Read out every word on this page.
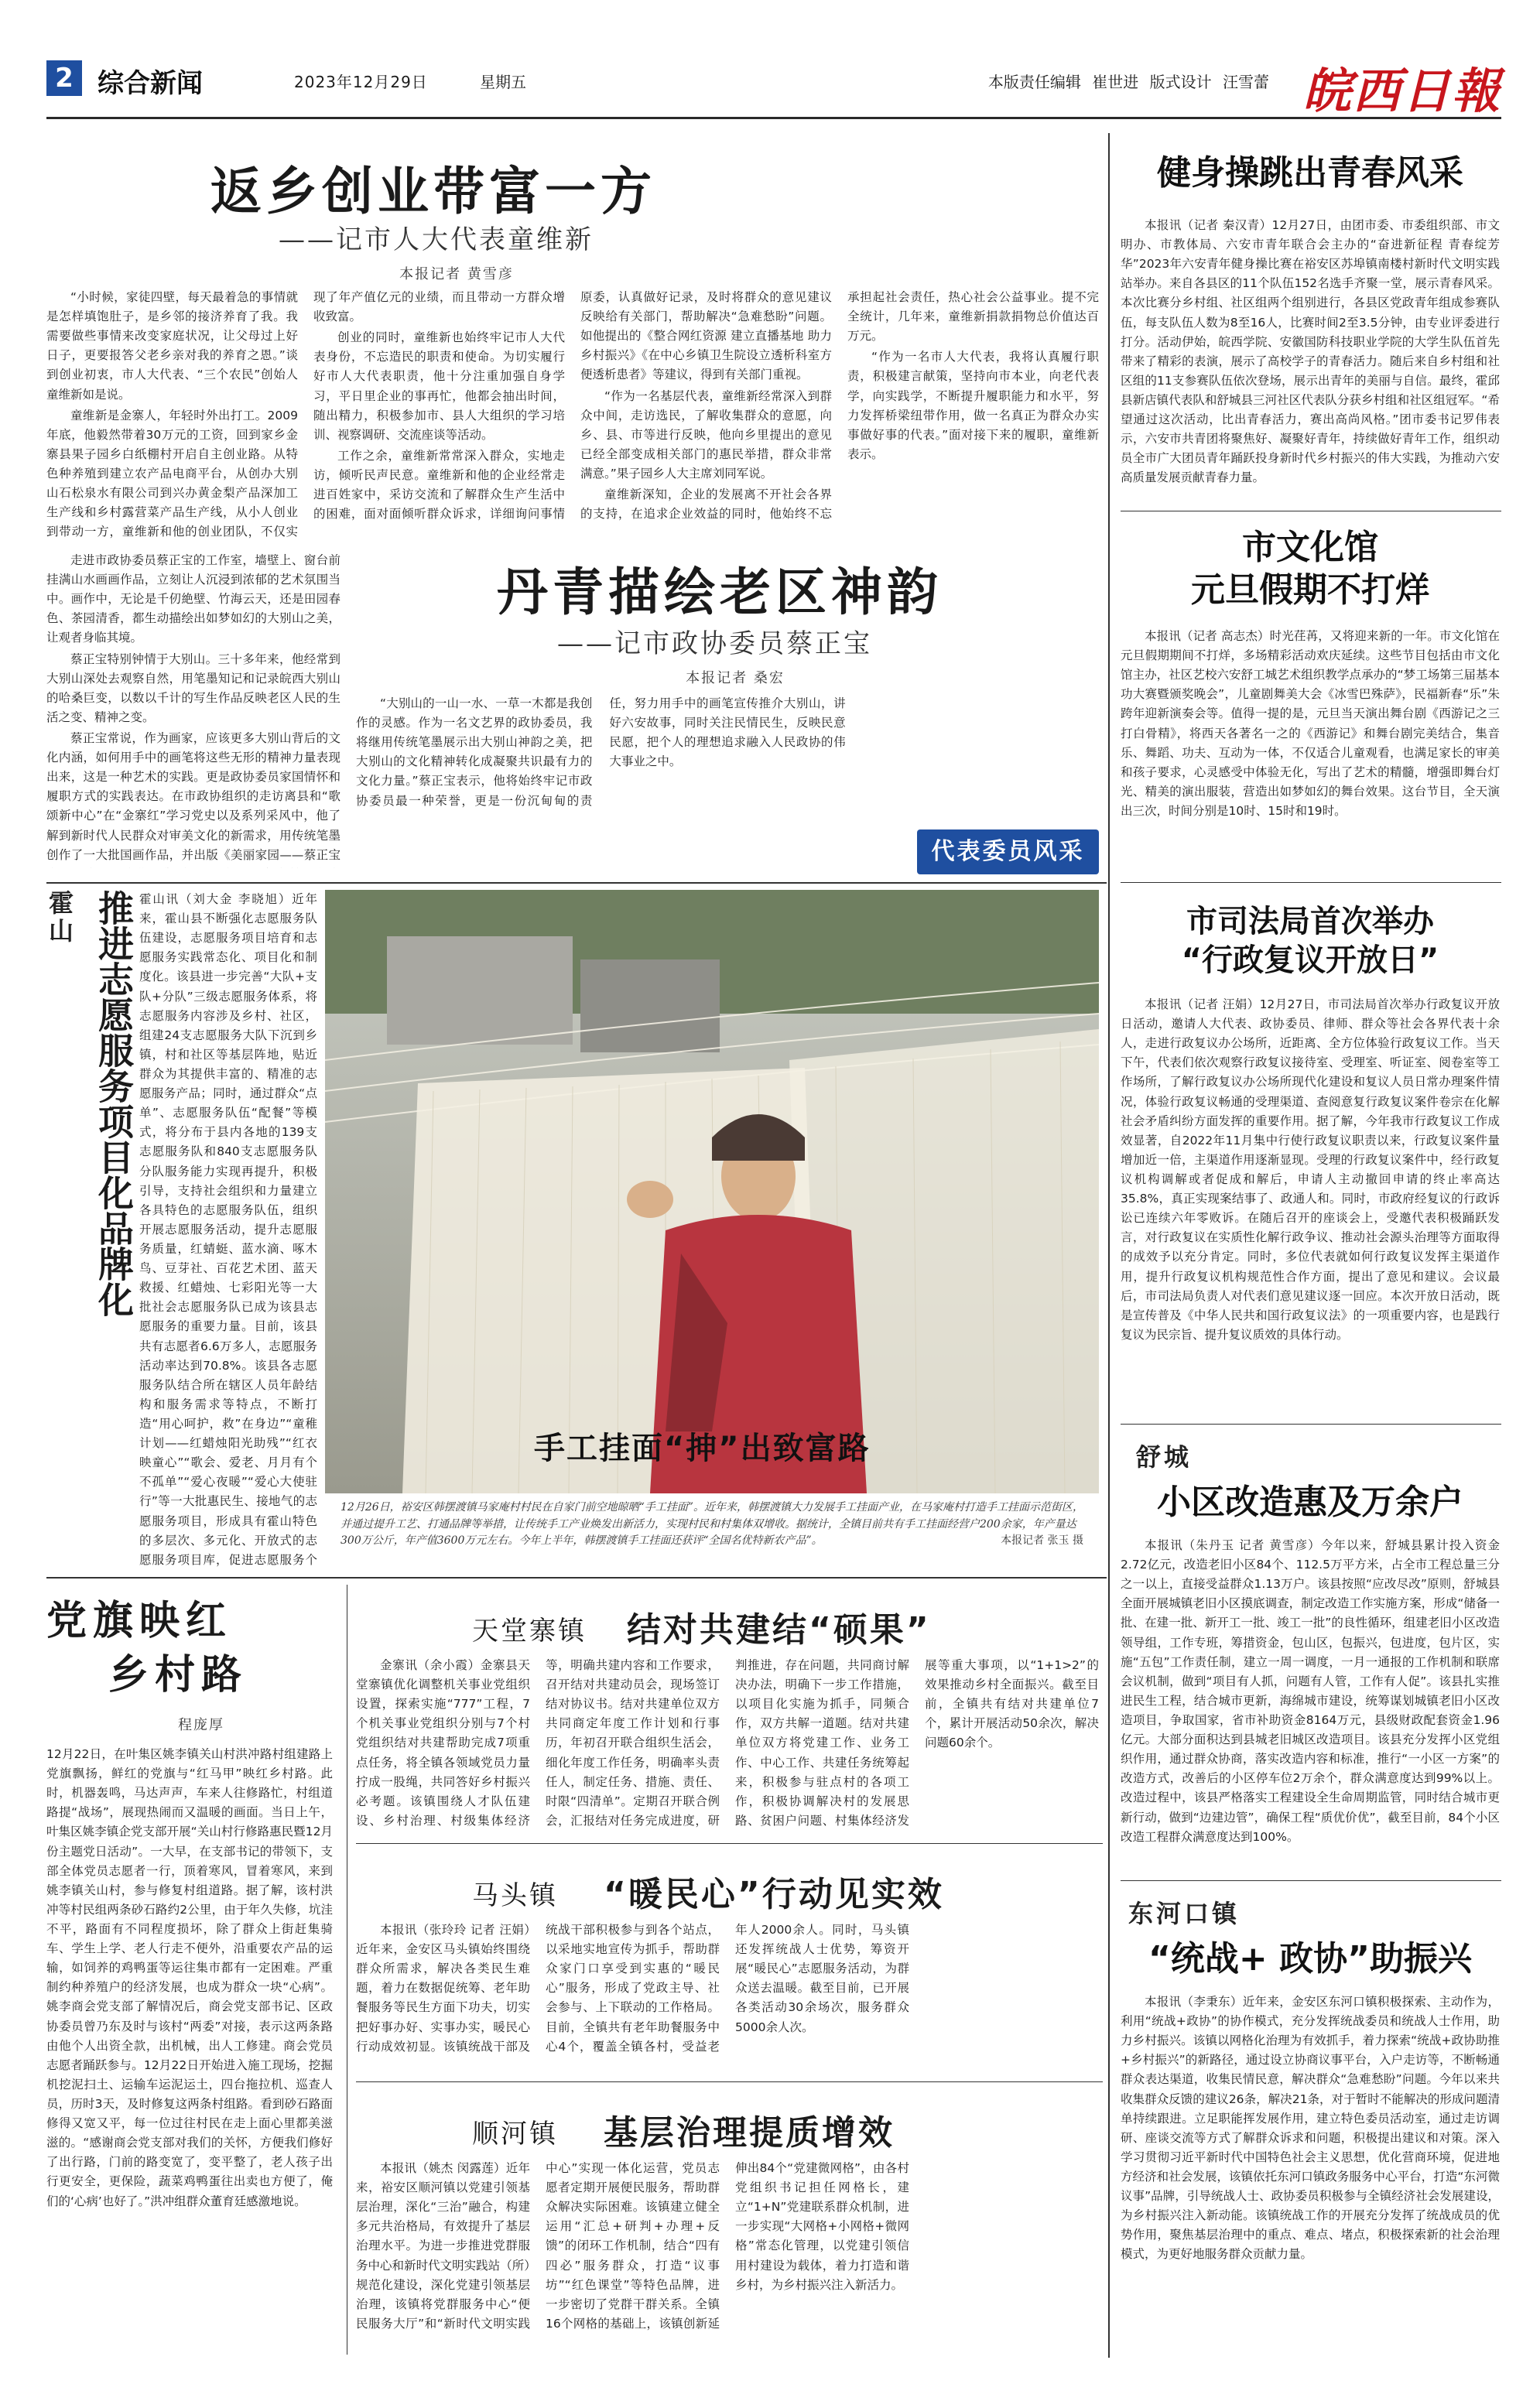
2 综合新闻	2023年12月29日	星期五	本版责任编辑 崔世进 版式设计 汪雪蕾 皖西日報
返乡创业带富一方
——记市人大代表童维新
本报记者 黄雪彦

“小时候，家徒四壁，每天最着急的事情就是怎样填饱肚子，是乡邻的接济养育了我。我需要做些事情来改变家庭状况，让父母过上好日子，更要报答父老乡亲对我的养育之恩。”谈到创业初衷，市人大代表、“三个农民”创始人童维新如是说。

童维新是金寨人，年轻时外出打工。2009年底，他毅然带着30万元的工资，回到家乡金寨县果子园乡白纸棚村开启自主创业路。从特色种养殖到建立农产品电商平台，从创办大别山石松泉水有限公司到兴办黄金梨产品深加工生产线和乡村露营菜产品生产线，从小人创业到带动一方，童维新和他的创业团队，不仅实现了年产值亿元的业绩，而且带动一方群众增收致富。

创业的同时，童维新也始终牢记市人大代表身份，不忘造民的职责和使命。为切实履行好市人大代表职责，他十分注重加强自身学习，平日里企业的事再忙，他都会抽出时间，随出精力，积极参加市、县人大组织的学习培训、视察调研、交流座谈等活动。

工作之余，童维新常常深入群众，实地走访，倾听民声民意。童维新和他的企业经常走进百姓家中，采访交流和了解群众生产生活中的困难，面对面倾听群众诉求，详细询问事情原委，认真做好记录，及时将群众的意见建议反映给有关部门，帮助解决“急难愁盼”问题。如他提出的《整合网红资源 建立直播基地 助力乡村振兴》《在中心乡镇卫生院设立透析科室方便透析患者》等建议，得到有关部门重视。

“作为一名基层代表，童维新经常深入到群众中间，走访选民，了解收集群众的意愿，向乡、县、市等进行反映，他向乡里提出的意见已经全部变成相关部门的惠民举措，群众非常满意。”果子园乡人大主席刘同军说。

童维新深知，企业的发展离不开社会各界的支持，在追求企业效益的同时，他始终不忘承担起社会责任，热心社会公益事业。提不完全统计，几年来，童维新捐款捐物总价值达百万元。

“作为一名市人大代表，我将认真履行职责，积极建言献策，坚持向市本业，向老代表学，向实践学，不断提升履职能力和水平，努力发挥桥梁纽带作用，做一名真正为群众办实事做好事的代表。”面对接下来的履职，童维新表示。

走进市政协委员蔡正宝的工作室，墙壁上、窗台前挂满山水画画作品，立刻让人沉浸到浓郁的艺术氛围当中。画作中，无论是千仞絶壁、竹海云天，还是田园春色、茶园清香，都生动描绘出如梦如幻的大别山之美，让观者身临其境。

蔡正宝特别钟情于大别山。三十多年来，他经常到大别山深处去观察自然，用笔墨知记和记录皖西大别山的哈桑巨变，以数以千计的写生作品反映老区人民的生活之变、精神之变。

蔡正宝常说，作为画家，应该更多大别山背后的文化内涵，如何用手中的画笔将这些无形的精神力量表现出来，这是一种艺术的实践。更是政协委员家国情怀和履职方式的实践表达。在市政协组织的走访离县和“歌颂新中心”在“金寨红”学习党史以及系列采风中，他了解到新时代人民群众对审美文化的新需求，用传统笔墨创作了一大批国画作品，并出版《美丽家园——蔡正宝

丹青描绘老区神韵
——记市政协委员蔡正宝
本报记者 桑宏

“大别山的一山一水、一草一木都是我创作的灵感。作为一名文艺界的政协委员，我将继用传统笔墨展示出大别山神韵之美，把大别山的文化精神转化成凝聚共识最有力的文化力量。”蔡正宝表示，他将始终牢记市政协委员最一种荣誉，更是一份沉甸甸的责任，努力用手中的画笔宣传推介大别山，讲好六安故事，同时关注民情民生，反映民意民愿，把个人的理想追求融入人民政协的伟大事业之中。

代表委员风采
霍山 推进志愿服务项目化品牌化 霍山讯（刘大金 李晓旭）近年来，霍山县不断强化志愿服务队伍建设，志愿服务项目培育和志愿服务实践常态化、项目化和制度化。该县进一步完善“大队+支队+分队”三级志愿服务体系，将志愿服务内容涉及乡村、社区，组建24支志愿服务大队下沉到乡镇，村和社区等基层阵地，贴近群众为其提供丰富的、精准的志愿服务产品；同时，通过群众“点单”、志愿服务队伍“配餐”等模式，将分布于县内各地的139支志愿服务队和840支志愿服务队分队服务能力实现再提升，积极引导，支持社会组织和力量建立各具特色的志愿服务队伍，组织开展志愿服务活动，提升志愿服务质量，红蜻蜓、蓝水滴、啄木鸟、豆芽社、百花艺术团、蓝天救援、红蜡烛、七彩阳光等一大批社会志愿服务队已成为该县志愿服务的重要力量。目前，该县共有志愿者6.6万多人，志愿服务活动率达到70.8%。该县各志愿服务队结合所在辖区人员年龄结构和服务需求等特点，不断打造“用心呵护，救”在身边”“童稚计划——红蜡烛阳光助残”“红衣映童心”“歌会、爱老、月月有个不孤单”“爱心夜暖”“爱心大使驻行”等一大批惠民生、接地气的志愿服务项目，形成具有霍山特色的多层次、多元化、开放式的志愿服务项目库，促进志愿服务个
手工挂面“抻”出致富路
12月26日，裕安区韩摆渡镇马家庵村村民在自家门前空地晾晒“手工挂面”。近年来，韩摆渡镇大力发展手工挂面产业，在马家庵村打造手工挂面示范街区，并通过提升工艺、打通品牌等举措，让传统手工产业焕发出新活力，实现村民和村集体双增收。据统计，全镇目前共有手工挂面经营户200余家，年产量达300万公斤，年产值3600万元左右。今年上半年，韩摆渡镇手工挂面还获评“全国名优特新农产品”。	本报记者 张玉 摄
党旗映红
乡村路
程庞厚
12月22日，在叶集区姚李镇关山村洪冲路村组建路上党旗飘扬，鲜红的党旗与“红马甲”映红乡村路。此时，机器轰鸣，马达声声，车来人往修路忙，村组道路提“战场”，展现热闹而又温暖的画面。当日上午，叶集区姚李镇企党支部开展“关山村行修路惠民暨12月份主题党日活动”。一大早，在支部书记的带领下，支部全体党员志愿者一行，顶着寒风，冒着寒风，来到姚李镇关山村，参与修复村组道路。据了解，该村洪冲等村民组两条砂石路约2公里，由于年久失修，坑洼不平，路面有不同程度损坏，除了群众上街赶集骑车、学生上学、老人行走不便外，沿重要农产品的运输，如饲养的鸡鸭蛋等运往集市都有一定困难。严重制约种养殖户的经济发展，也成为群众一块“心病”。姚李商会党支部了解情况后，商会党支部书记、区政协委员曾乃东及时与该村“两委”对接，表示这两条路由他个人出资全款，出机械，出人工修建。商会党员志愿者踊跃参与。12月22日开始进入施工现场，挖掘机挖泥扫土、运输车运泥运土，四台拖拉机、巡查人员，历时3天，及时修复这两条村组路。看到砂石路面修得又宽又平，每一位过往村民在走上面心里都美滋滋的。“感谢商会党支部对我们的关怀，方便我们修好了出行路，门前的路变宽了，变平整了，老人孩子出行更安全，更保险，蔬菜鸡鸭蛋往出卖也方便了，俺们的‘心病’也好了。”洪冲组群众董育廷感激地说。
天堂寨镇 结对共建结“硕果”

金寨讯（余小霞）金寨县天堂寨镇优化调整机关事业党组织设置，探索实施“777”工程，7个机关事业党组织分别与7个村党组织结对共建帮助完成7项重点任务，将全镇各领域党员力量拧成一股绳，共同答好乡村振兴必考题。该镇围绕人才队伍建设、乡村治理、村级集体经济等，明确共建内容和工作要求，召开结对共建动员会，现场签订结对协议书。结对共建单位双方共同商定年度工作计划和行事历，年初召开联合组织生活会，细化年度工作任务，明确率头责任人，制定任务、措施、责任、时限“四清单”。定期召开联合例会，汇报结对任务完成进度，研判推进，存在问题，共同商讨解决办法，明确下一步工作措施，以项目化实施为抓手，同频合作，双方共解一道题。结对共建单位双方将党建工作、业务工作、中心工作、共建任务统筹起来，积极参与驻点村的各项工作，积极协调解决村的发展思路、贫困户问题、村集体经济发展等重大事项，以“1+1>2”的效果推动乡村全面振兴。截至目前，全镇共有结对共建单位7个，累计开展活动50余次，解决问题60余个。

马头镇 “暖民心”行动见实效

本报讯（张玲玲 记者 汪娟）近年来，金安区马头镇始终围绕群众所需求，解决各类民生难题，着力在数据促统筹、老年助餐服务等民生方面下功夫，切实把好事办好、实事办实，暖民心行动成效初显。该镇统战干部及统战干部积极参与到各个站点，以采地实地宣传为抓手，帮助群众家门口享受到实惠的“暖民心”服务，形成了党政主导、社会参与、上下联动的工作格局。目前，全镇共有老年助餐服务中心4个，覆盖全镇各村，受益老年人2000余人。同时，马头镇还发挥统战人士优势，筹资开展“暖民心”志愿服务活动，为群众送去温暖。截至目前，已开展各类活动30余场次，服务群众5000余人次。

顺河镇 基层治理提质增效

本报讯（姚杰 闵露莲）近年来，裕安区顺河镇以党建引领基层治理，深化“三治”融合，构建多元共治格局，有效提升了基层治理水平。为进一步推进党群服务中心和新时代文明实践站（所）规范化建设，深化党建引领基层治理，该镇将党群服务中心“便民服务大厅”和“新时代文明实践中心”实现一体化运营，党员志愿者定期开展便民服务，帮助群众解决实际困难。该镇建立健全运用“汇总+研判+办理+反馈”的闭环工作机制，结合“四有四必”服务群众，打造“议事坊”“红色课堂”等特色品牌，进一步密切了党群干群关系。全镇16个网格的基础上，该镇创新延伸出84个“党建微网格”，由各村党组织书记担任网格长，建立“1+N”党建联系群众机制，进一步实现“大网格+小网格+微网格”常态化管理，以党建引领信用村建设为载体，着力打造和谐乡村，为乡村振兴注入新活力。

健身操跳出青春风采
本报讯（记者 秦汉青）12月27日，由团市委、市委组织部、市文明办、市教体局、六安市青年联合会主办的“奋进新征程 青春绽芳华”2023年六安青年健身操比赛在裕安区苏埠镇南楼村新时代文明实践站举办。来自各县区的11个队伍152名选手齐聚一堂，展示青春风采。本次比赛分乡村组、社区组两个组别进行，各县区党政青年组成参赛队伍，每支队伍人数为8至16人，比赛时间2至3.5分钟，由专业评委进行打分。活动伊始，皖西学院、安徽国防科技职业学院的大学生队伍首先带来了精彩的表演，展示了高校学子的青春活力。随后来自乡村组和社区组的11支参赛队伍依次登场，展示出青年的美丽与自信。最终，霍邱县新店镇代表队和舒城县三河社区代表队分获乡村组和社区组冠军。“希望通过这次活动，比出青春活力，赛出高尚风格。”团市委书记罗伟表示，六安市共青团将聚焦好、凝聚好青年，持续做好青年工作，组织动员全市广大团员青年踊跃投身新时代乡村振兴的伟大实践，为推动六安高质量发展贡献青春力量。
市文化馆
元旦假期不打烊
本报讯（记者 高志杰）时光荏苒，又将迎来新的一年。市文化馆在元旦假期期间不打烊，多场精彩活动欢庆延续。这些节目包括由市文化馆主办，社区艺校六安舒工城艺术组织教学点承办的“梦工场第三届基本功大赛暨颁奖晚会”，儿童剧舞美大会《冰雪巴殊萨》，民福新春“乐”朱跨年迎新演奏会等。值得一提的是，元旦当天演出舞台剧《西游记之三打白骨精》，将西天各著名一之的《西游记》和舞台剧完美结合，集音乐、舞蹈、功夫、互动为一体，不仅适合儿童观看，也满足家长的审美和孩子要求，心灵感受中体验无化，写出了艺术的精髓，增强即舞台灯光、精美的演出服装，营造出如梦如幻的舞台效果。这台节目，全天演出三次，时间分别是10时、15时和19时。
市司法局首次举办
“行政复议开放日”
本报讯（记者 汪娟）12月27日，市司法局首次举办行政复议开放日活动，邀请人大代表、政协委员、律师、群众等社会各界代表十余人，走进行政复议办公场所，近距离、全方位体验行政复议工作。当天下午，代表们依次观察行政复议接待室、受理室、听证室、阅卷室等工作场所，了解行政复议办公场所现代化建设和复议人员日常办理案件情况，体验行政复议畅通的受理渠道、查阅意复行政复议案件卷宗在化解社会矛盾纠纷方面发挥的重要作用。据了解，今年我市行政复议工作成效显著，自2022年11月集中行使行政复议职责以来，行政复议案件量增加近一倍，主渠道作用逐渐显现。受理的行政复议案件中，经行政复议机构调解或者促成和解后，申请人主动撤回申请的终止率高达35.8%，真正实现案结事了、政通人和。同时，市政府经复议的行政诉讼已连续六年零败诉。在随后召开的座谈会上，受邀代表积极踊跃发言，对行政复议在实质性化解行政争议、推动社会源头治理等方面取得的成效予以充分肯定。同时，多位代表就如何行政复议发挥主渠道作用，提升行政复议机构规范性合作方面，提出了意见和建议。会议最后，市司法局负责人对代表们意见建议逐一回应。本次开放日活动，既是宣传普及《中华人民共和国行政复议法》的一项重要内容，也是践行复议为民宗旨、提升复议质效的具体行动。
舒城
小区改造惠及万余户
本报讯（朱丹玉 记者 黄雪彦）今年以来，舒城县累计投入资金2.72亿元，改造老旧小区84个、112.5万平方米，占全市工程总量三分之一以上，直接受益群众1.13万户。该县按照“应改尽改”原则，舒城县全面开展城镇老旧小区摸底调查，制定改造工作实施方案，形成“储备一批、在建一批、新开工一批、竣工一批”的良性循环，组建老旧小区改造领导组，工作专班，筹措资金，包山区，包振兴，包进度，包片区，实施“五包”工作责任制，建立一周一调度，一月一通报的工作机制和联席会议机制，做到“项目有人抓，问题有人管，工作有人促”。该县扎实推进民生工程，结合城市更新，海绵城市建设，统筹谋划城镇老旧小区改造项目，争取国家，省市补助资金8164万元，县级财政配套资金1.96亿元。大部分面积达到县城老旧城区改造项目。该县充分发挥小区党组织作用，通过群众协商，落实改造内容和标准，推行“一小区一方案”的改造方式，改善后的小区停车位2万余个，群众满意度达到99%以上。改造过程中，该县严格落实工程建设全生命周期监管，同时结合城市更新行动，做到“边建边管”，确保工程“质优价优”，截至目前，84个小区改造工程群众满意度达到100%。
东河口镇
“统战+ 政协”助振兴
本报讯（李秉东）近年来，金安区东河口镇积极探索、主动作为，利用“统战+政协”的协作模式，充分发挥统战委员和统战人士作用，助力乡村振兴。该镇以网格化治理为有效抓手，着力探索“统战+政协助推+乡村振兴”的新路径，通过设立协商议事平台，入户走访等，不断畅通群众表达渠道，收集民情民意，解决群众“急难愁盼”问题。今年以来共收集群众反馈的建议26条，解决21条，对于暂时不能解决的形成问题清单持续跟进。立足职能挥发展作用，建立特色委员活动室，通过走访调研、座谈交流等方式了解群众诉求和问题，积极提出建议和对策。深入学习贯彻习近平新时代中国特色社会主义思想，优化营商环境，促进地方经济和社会发展，该镇依托东河口镇政务服务中心平台，打造“东河微议事”品牌，引导统战人士、政协委员积极参与全镇经济社会发展建设，为乡村振兴注入新动能。该镇统战工作的开展充分发挥了统战成员的优势作用，聚焦基层治理中的重点、难点、堵点，积极探索新的社会治理模式，为更好地服务群众贡献力量。
